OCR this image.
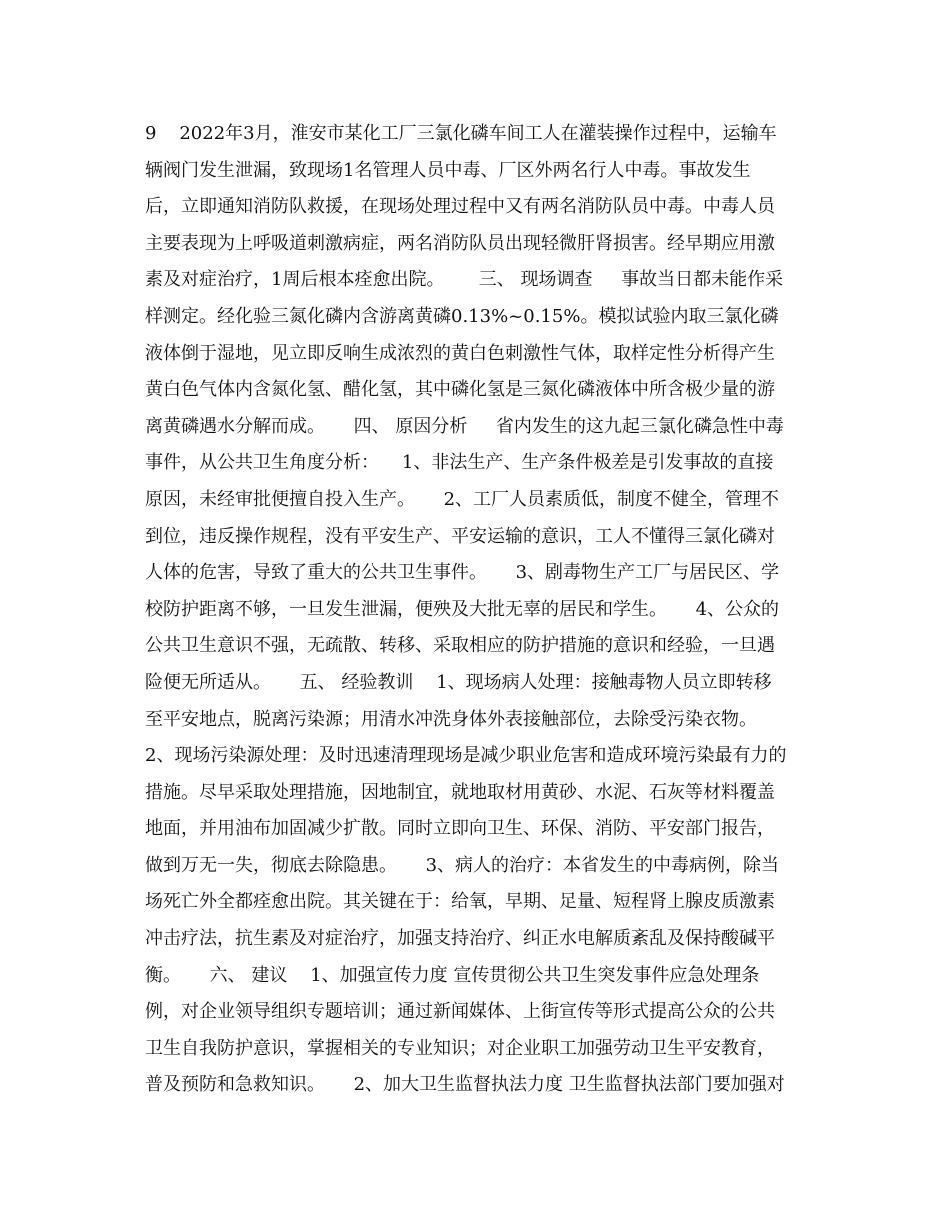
9    2022年3月，淮安市某化工厂三氯化磷车间工人在灌装操作过程中，运输车
辆阀门发生泄漏，致现场1名管理人员中毒、厂区外两名行人中毒。事故发生
后，立即通知消防队救援，在现场处理过程中又有两名消防队员中毒。中毒人员
主要表现为上呼吸道刺激病症，两名消防队员出现轻微肝肾损害。经早期应用激
素及对症治疗，1周后根本痊愈出院。      三、 现场调查     事故当日都未能作采
样测定。经化验三氮化磷内含游离黄磷0.13%~0.15%。模拟试验内取三氯化磷
液体倒于湿地，见立即反响生成浓烈的黄白色刺激性气体，取样定性分析得产生
黄白色气体内含氮化氢、醋化氢，其中磷化氢是三氮化磷液体中所含极少量的游
离黄磷遇水分解而成。     四、 原因分析     省内发生的这九起三氯化磷急性中毒
事件，从公共卫生角度分析：    1、非法生产、生产条件极差是引发事故的直接
原因，未经审批便擅自投入生产。     2、工厂人员素质低，制度不健全，管理不
到位，违反操作规程，没有平安生产、平安运输的意识，工人不懂得三氯化磷对
人体的危害，导致了重大的公共卫生事件。     3、剧毒物生产工厂与居民区、学
校防护距离不够，一旦发生泄漏，便殃及大批无辜的居民和学生。     4、公众的
公共卫生意识不强，无疏散、转移、采取相应的防护措施的意识和经验，一旦遇
险便无所适从。     五、 经验教训    1、现场病人处理：接触毒物人员立即转移
至平安地点，脱离污染源；用清水冲洗身体外表接触部位，去除受污染衣物。
2、现场污染源处理：及时迅速清理现场是减少职业危害和造成环境污染最有力的
措施。尽早采取处理措施，因地制宜，就地取材用黄砂、水泥、石灰等材料覆盖
地面，并用油布加固减少扩散。同时立即向卫生、环保、消防、平安部门报告，
做到万无一失，彻底去除隐患。     3、病人的治疗：本省发生的中毒病例，除当
场死亡外全都痊愈出院。其关键在于：给氧，早期、足量、短程肾上腺皮质激素
冲击疗法，抗生素及对症治疗，加强支持治疗、纠正水电解质紊乱及保持酸碱平
衡。     六、 建议    1、加强宣传力度 宣传贯彻公共卫生突发事件应急处理条
例，对企业领导组织专题培训；通过新闻媒体、上街宣传等形式提高公众的公共
卫生自我防护意识，掌握相关的专业知识；对企业职工加强劳动卫生平安教育，
普及预防和急救知识。     2、加大卫生监督执法力度 卫生监督执法部门要加强对
